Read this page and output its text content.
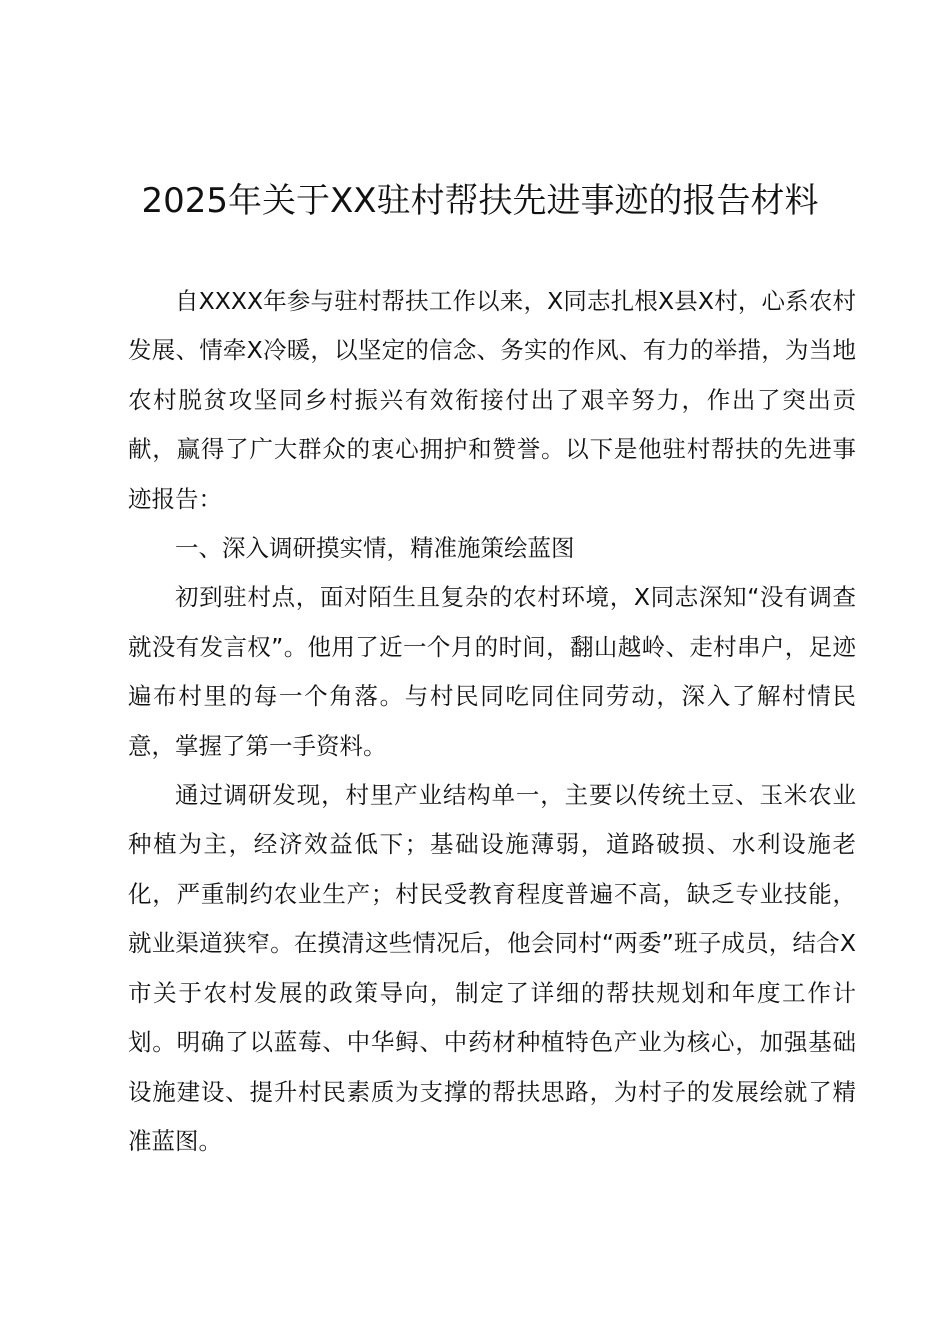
2025年关于XX驻村帮扶先进事迹的报告材料

自XXXX年参与驻村帮扶工作以来，X同志扎根X县X村，心系农村发展、情牵X冷暖，以坚定的信念、务实的作风、有力的举措，为当地农村脱贫攻坚同乡村振兴有效衔接付出了艰辛努力，作出了突出贡献，赢得了广大群众的衷心拥护和赞誉。以下是他驻村帮扶的先进事迹报告：

一、深入调研摸实情，精准施策绘蓝图

初到驻村点，面对陌生且复杂的农村环境，X同志深知“没有调查就没有发言权”。他用了近一个月的时间，翻山越岭、走村串户，足迹遍布村里的每一个角落。与村民同吃同住同劳动，深入了解村情民意，掌握了第一手资料。

通过调研发现，村里产业结构单一，主要以传统土豆、玉米农业种植为主，经济效益低下；基础设施薄弱，道路破损、水利设施老化，严重制约农业生产；村民受教育程度普遍不高，缺乏专业技能，就业渠道狭窄。在摸清这些情况后，他会同村“两委”班子成员，结合X市关于农村发展的政策导向，制定了详细的帮扶规划和年度工作计划。明确了以蓝莓、中华鲟、中药材种植特色产业为核心，加强基础设施建设、提升村民素质为支撑的帮扶思路，为村子的发展绘就了精准蓝图。
